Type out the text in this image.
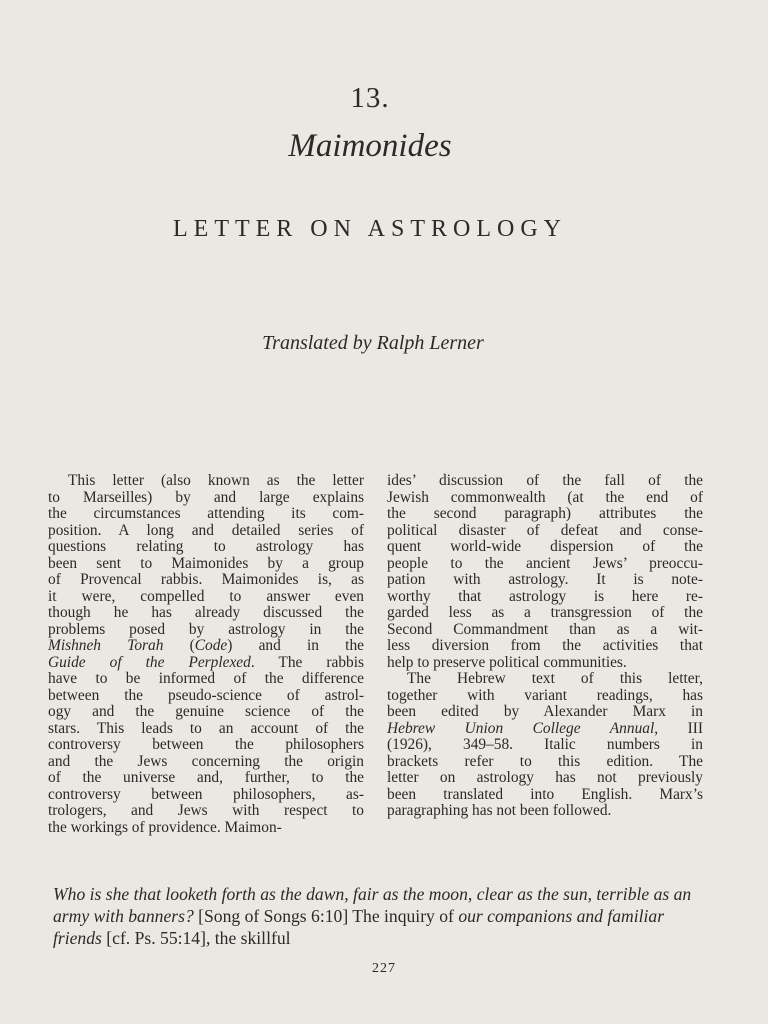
13.
Maimonides
LETTER ON ASTROLOGY
Translated by Ralph Lerner
This letter (also known as the letter
to Marseilles) by and large explains
the circumstances attending its com-
position. A long and detailed series of
questions relating to astrology has
been sent to Maimonides by a group
of Provencal rabbis. Maimonides is, as
it were, compelled to answer even
though he has already discussed the
problems posed by astrology in the
Mishneh Torah (Code) and in the
Guide of the Perplexed. The rabbis
have to be informed of the difference
between the pseudo-science of astrol-
ogy and the genuine science of the
stars. This leads to an account of the
controversy between the philosophers
and the Jews concerning the origin
of the universe and, further, to the
controversy between philosophers, as-
trologers, and Jews with respect to
the workings of providence. Maimon-
ides’ discussion of the fall of the
Jewish commonwealth (at the end of
the second paragraph) attributes the
political disaster of defeat and conse-
quent world-wide dispersion of the
people to the ancient Jews’ preoccu-
pation with astrology. It is note-
worthy that astrology is here re-
garded less as a transgression of the
Second Commandment than as a wit-
less diversion from the activities that
help to preserve political communities.
The Hebrew text of this letter,
together with variant readings, has
been edited by Alexander Marx in
Hebrew Union College Annual, III
(1926), 349–58. Italic numbers in
brackets refer to this edition. The
letter on astrology has not previously
been translated into English. Marx’s
paragraphing has not been followed.
Who is she that looketh forth as the dawn, fair as the moon, clear as the sun, terrible as an army with banners? [Song of Songs 6:10] The inquiry of our companions and familiar friends [cf. Ps. 55:14], the skillful
227
